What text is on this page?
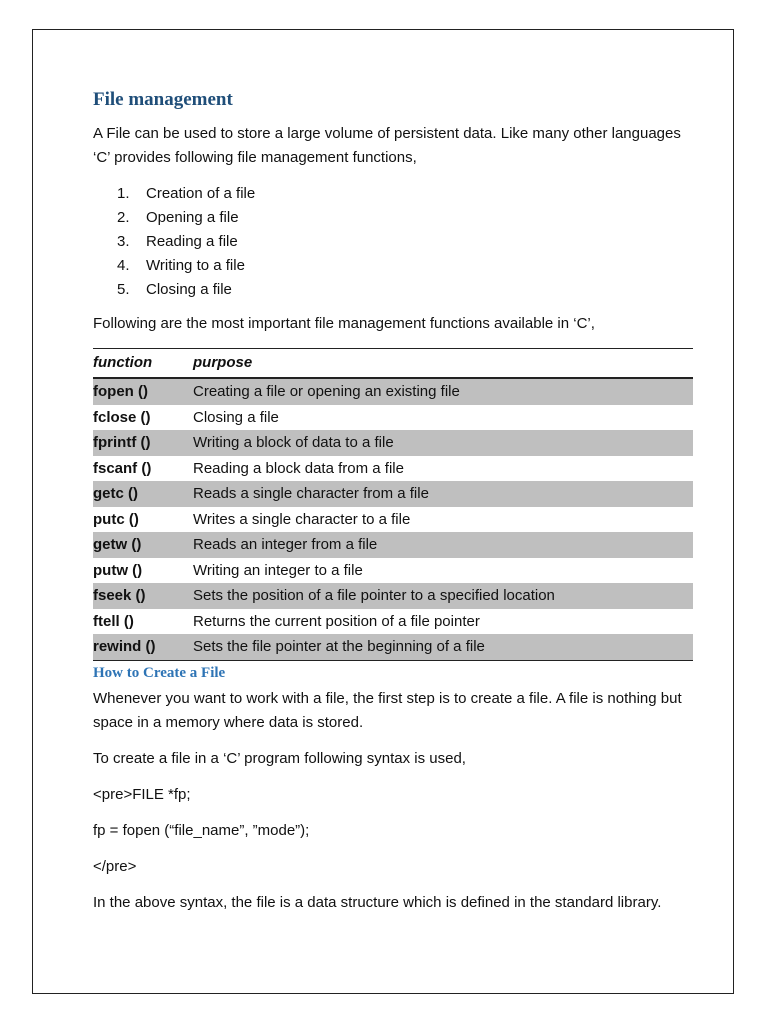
File management

A File can be used to store a large volume of persistent data. Like many other languages ‘C’ provides following file management functions,

1.	Creation of a file
2.	Opening a file
3.	Reading a file
4.	Writing to a file
5.	Closing a file

Following are the most important file management functions available in ‘C’,

function	purpose
fopen ()	Creating a file or opening an existing file
fclose ()	Closing a file
fprintf ()	Writing a block of data to a file
fscanf ()	Reading a block data from a file
getc ()	Reads a single character from a file
putc ()	Writes a single character to a file
getw ()	Reads an integer from a file
putw ()	Writing an integer to a file
fseek ()	Sets the position of a file pointer to a specified location
ftell ()	Returns the current position of a file pointer
rewind ()	Sets the file pointer at the beginning of a file
How to Create a File

Whenever you want to work with a file, the first step is to create a file. A file is nothing but space in a memory where data is stored.

To create a file in a ‘C’ program following syntax is used,

<pre>FILE *fp;

fp = fopen (“file_name”, ”mode”);

</pre>

In the above syntax, the file is a data structure which is defined in the standard library.
